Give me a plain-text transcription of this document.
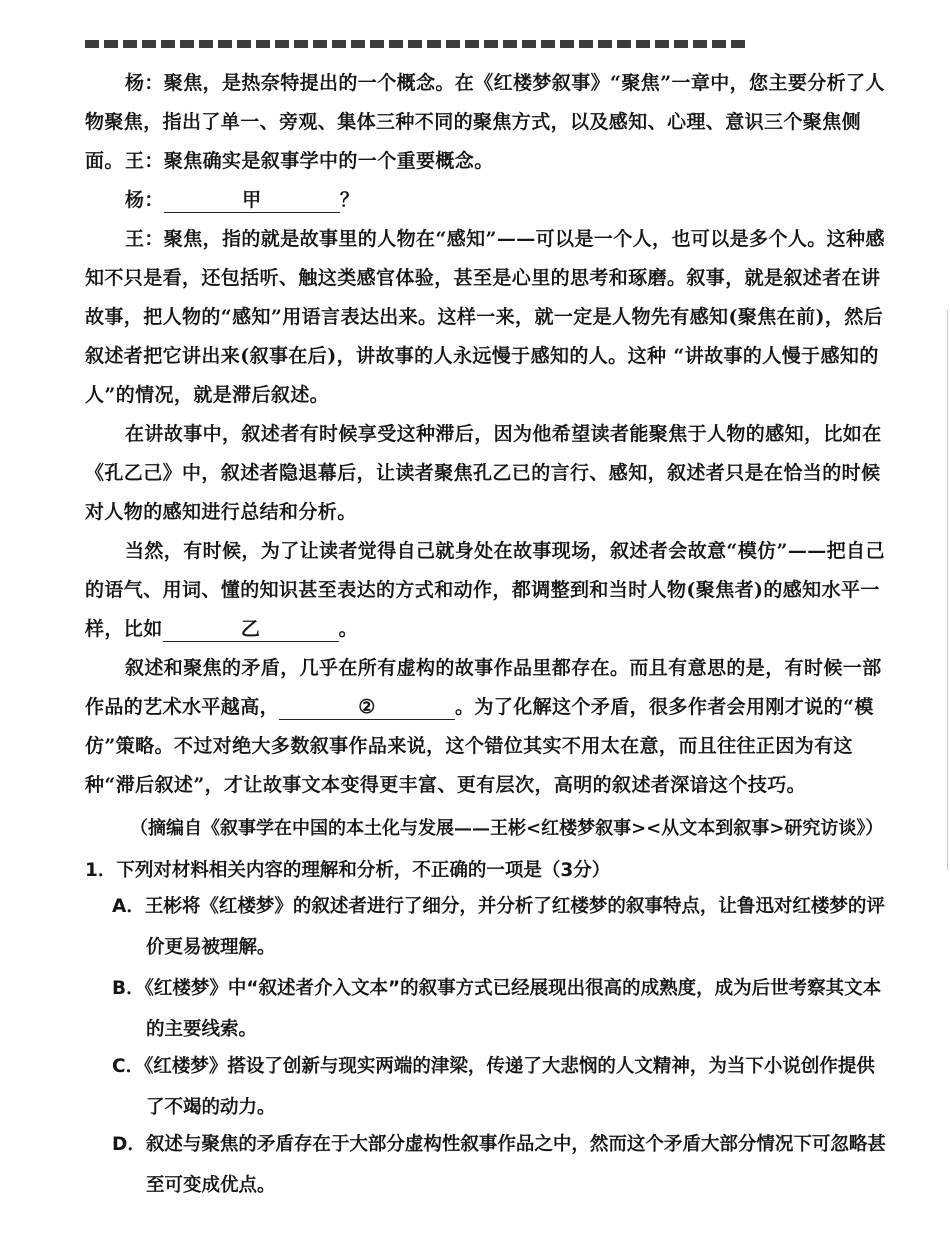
杨：聚焦，是热奈特提出的一个概念。在《红楼梦叙事》“聚焦”一章中，您主要分析了人物聚焦，指出了单一、旁观、集体三种不同的聚焦方式，以及感知、心理、意识三个聚焦侧面。 王：聚焦确实是叙事学中的一个重要概念。
杨：	甲	？
王：聚焦，指的就是故事里的人物在“感知”——可以是一个人，也可以是多个人。这种感知不只是看，还包括听、触这类感官体验，甚至是心里的思考和琢磨。叙事，就是叙述者在讲故事，把人物的“感知”用语言表达出来。这样一来，就一定是人物先有感知(聚焦在前)，然后叙述者把它讲出来(叙事在后)，讲故事的人永远慢于感知的人。这种 “讲故事的人慢于感知的人”的情况，就是滞后叙述。
在讲故事中，叙述者有时候享受这种滞后，因为他希望读者能聚焦于人物的感知，比如在《孔乙己》中，叙述者隐退幕后，让读者聚焦孔乙已的言行、感知，叙述者只是在恰当的时候对人物的感知进行总结和分析。
当然，有时候，为了让读者觉得自己就身处在故事现场，叙述者会故意“模仿”——把自己的语气、用词、懂的知识甚至表达的方式和动作，都调整到和当时人物(聚焦者)的感知水平一样，比如	乙	。
叙述和聚焦的矛盾，几乎在所有虚构的故事作品里都存在。而且有意思的是，有时候一部作品的艺术水平越高，	②	。为了化解这个矛盾，很多作者会用刚才说的“模仿”策略。不过对绝大多数叙事作品来说，这个错位其实不用太在意，而且往往正因为有这种“滞后叙述”，才让故事文本变得更丰富、更有层次，高明的叙述者深谙这个技巧。
（摘编自《叙事学在中国的本土化与发展——王彬<红楼梦叙事><从文本到叙事>研究访谈》）
1．下列对材料相关内容的理解和分析，不正确的一项是（3分）
A．王彬将《红楼梦》的叙述者进行了细分，并分析了红楼梦的叙事特点，让鲁迅对红楼梦的评价更易被理解。
B．《红楼梦》中“叙述者介入文本”的叙事方式已经展现出很高的成熟度，成为后世考察其文本的主要线索。
C．《红楼梦》搭设了创新与现实两端的津梁，传递了大悲悯的人文精神，为当下小说创作提供了不竭的动力。
D．叙述与聚焦的矛盾存在于大部分虚构性叙事作品之中，然而这个矛盾大部分情况下可忽略甚至可变成优点。
